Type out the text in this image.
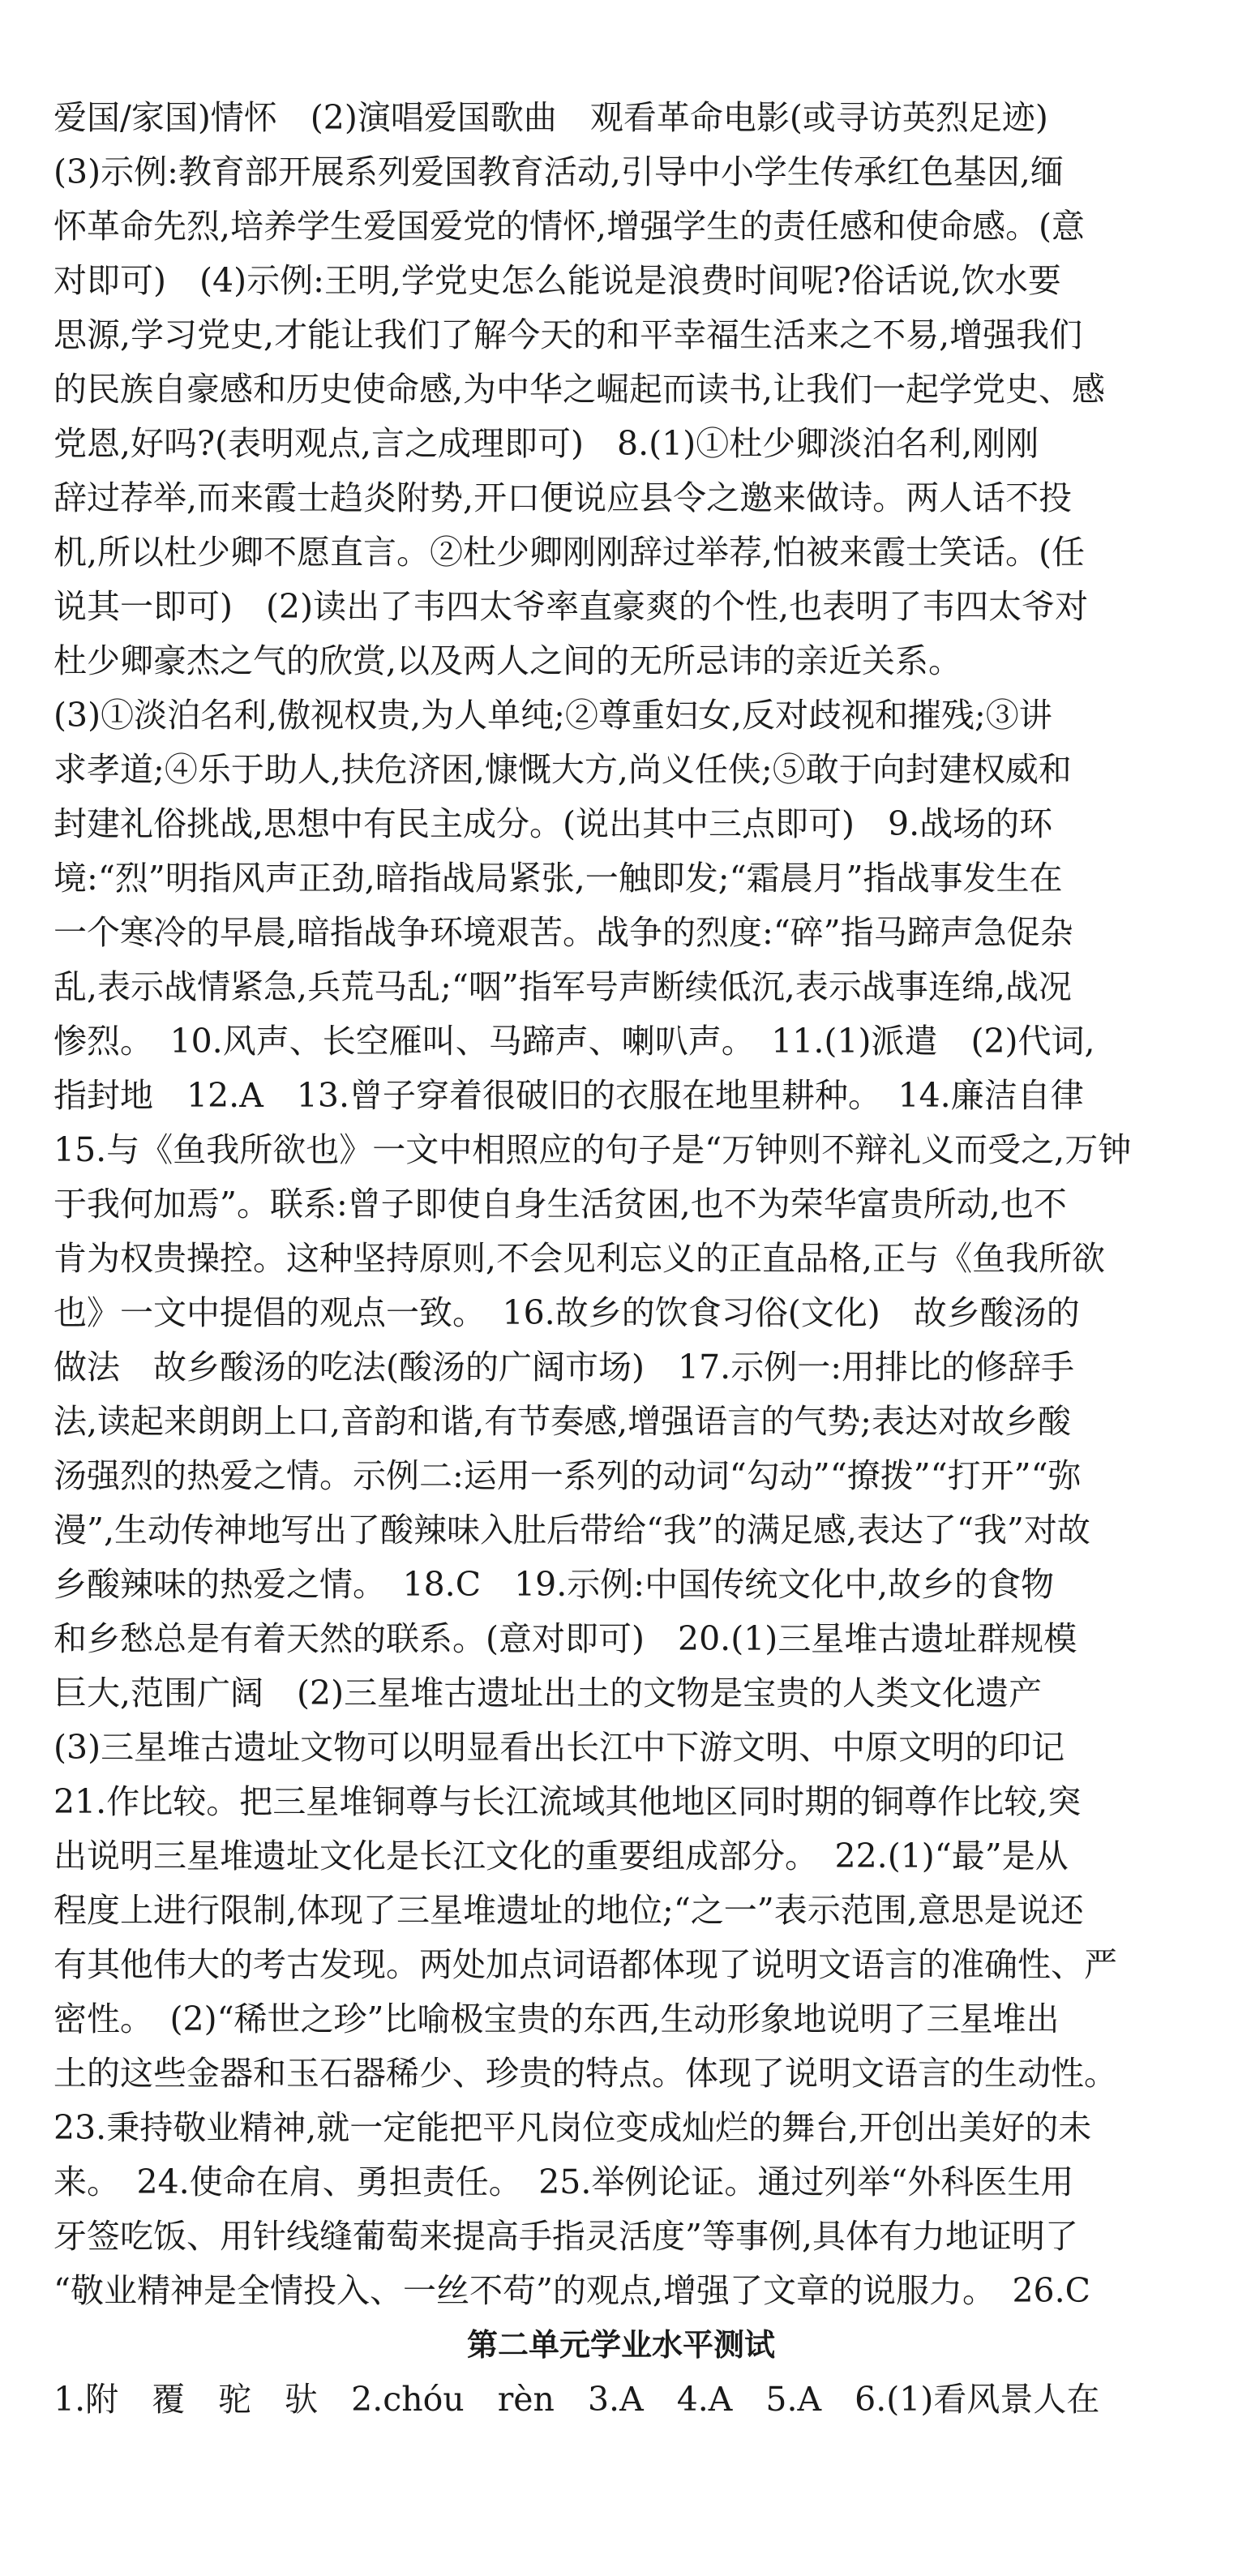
爱国/家国)情怀　(2)演唱爱国歌曲　观看革命电影(或寻访英烈足迹)
(3)示例:教育部开展系列爱国教育活动,引导中小学生传承红色基因,缅
怀革命先烈,培养学生爱国爱党的情怀,增强学生的责任感和使命感。(意
对即可)　(4)示例:王明,学党史怎么能说是浪费时间呢?俗话说,饮水要
思源,学习党史,才能让我们了解今天的和平幸福生活来之不易,增强我们
的民族自豪感和历史使命感,为中华之崛起而读书,让我们一起学党史、感
党恩,好吗?(表明观点,言之成理即可)　8.(1)①杜少卿淡泊名利,刚刚
辞过荐举,而来霞士趋炎附势,开口便说应县令之邀来做诗。两人话不投
机,所以杜少卿不愿直言。②杜少卿刚刚辞过举荐,怕被来霞士笑话。(任
说其一即可)　(2)读出了韦四太爷率直豪爽的个性,也表明了韦四太爷对
杜少卿豪杰之气的欣赏,以及两人之间的无所忌讳的亲近关系。
(3)①淡泊名利,傲视权贵,为人单纯;②尊重妇女,反对歧视和摧残;③讲
求孝道;④乐于助人,扶危济困,慷慨大方,尚义任侠;⑤敢于向封建权威和
封建礼俗挑战,思想中有民主成分。(说出其中三点即可)　9.战场的环
境:“烈”明指风声正劲,暗指战局紧张,一触即发;“霜晨月”指战事发生在
一个寒冷的早晨,暗指战争环境艰苦。战争的烈度:“碎”指马蹄声急促杂
乱,表示战情紧急,兵荒马乱;“咽”指军号声断续低沉,表示战事连绵,战况
惨烈。　10.风声、长空雁叫、马蹄声、喇叭声。　11.(1)派遣　(2)代词,
指封地　12.A　13.曾子穿着很破旧的衣服在地里耕种。　14.廉洁自律
15.与《鱼我所欲也》一文中相照应的句子是“万钟则不辩礼义而受之,万钟
于我何加焉”。联系:曾子即使自身生活贫困,也不为荣华富贵所动,也不
肯为权贵操控。这种坚持原则,不会见利忘义的正直品格,正与《鱼我所欲
也》一文中提倡的观点一致。　16.故乡的饮食习俗(文化)　故乡酸汤的
做法　故乡酸汤的吃法(酸汤的广阔市场)　17.示例一:用排比的修辞手
法,读起来朗朗上口,音韵和谐,有节奏感,增强语言的气势;表达对故乡酸
汤强烈的热爱之情。示例二:运用一系列的动词“勾动”“撩拨”“打开”“弥
漫”,生动传神地写出了酸辣味入肚后带给“我”的满足感,表达了“我”对故
乡酸辣味的热爱之情。　18.C　19.示例:中国传统文化中,故乡的食物
和乡愁总是有着天然的联系。(意对即可)　20.(1)三星堆古遗址群规模
巨大,范围广阔　(2)三星堆古遗址出土的文物是宝贵的人类文化遗产
(3)三星堆古遗址文物可以明显看出长江中下游文明、中原文明的印记
21.作比较。把三星堆铜尊与长江流域其他地区同时期的铜尊作比较,突
出说明三星堆遗址文化是长江文化的重要组成部分。　22.(1)“最”是从
程度上进行限制,体现了三星堆遗址的地位;“之一”表示范围,意思是说还
有其他伟大的考古发现。两处加点词语都体现了说明文语言的准确性、严
密性。　(2)“稀世之珍”比喻极宝贵的东西,生动形象地说明了三星堆出
土的这些金器和玉石器稀少、珍贵的特点。体现了说明文语言的生动性。
23.秉持敬业精神,就一定能把平凡岗位变成灿烂的舞台,开创出美好的未
来。　24.使命在肩、勇担责任。　25.举例论证。通过列举“外科医生用
牙签吃饭、用针线缝葡萄来提高手指灵活度”等事例,具体有力地证明了
“敬业精神是全情投入、一丝不苟”的观点,增强了文章的说服力。　26.C
第二单元学业水平测试
1.附　覆　驼　驮　2.chóu　rèn　3.A　4.A　5.A　6.(1)看风景人在
